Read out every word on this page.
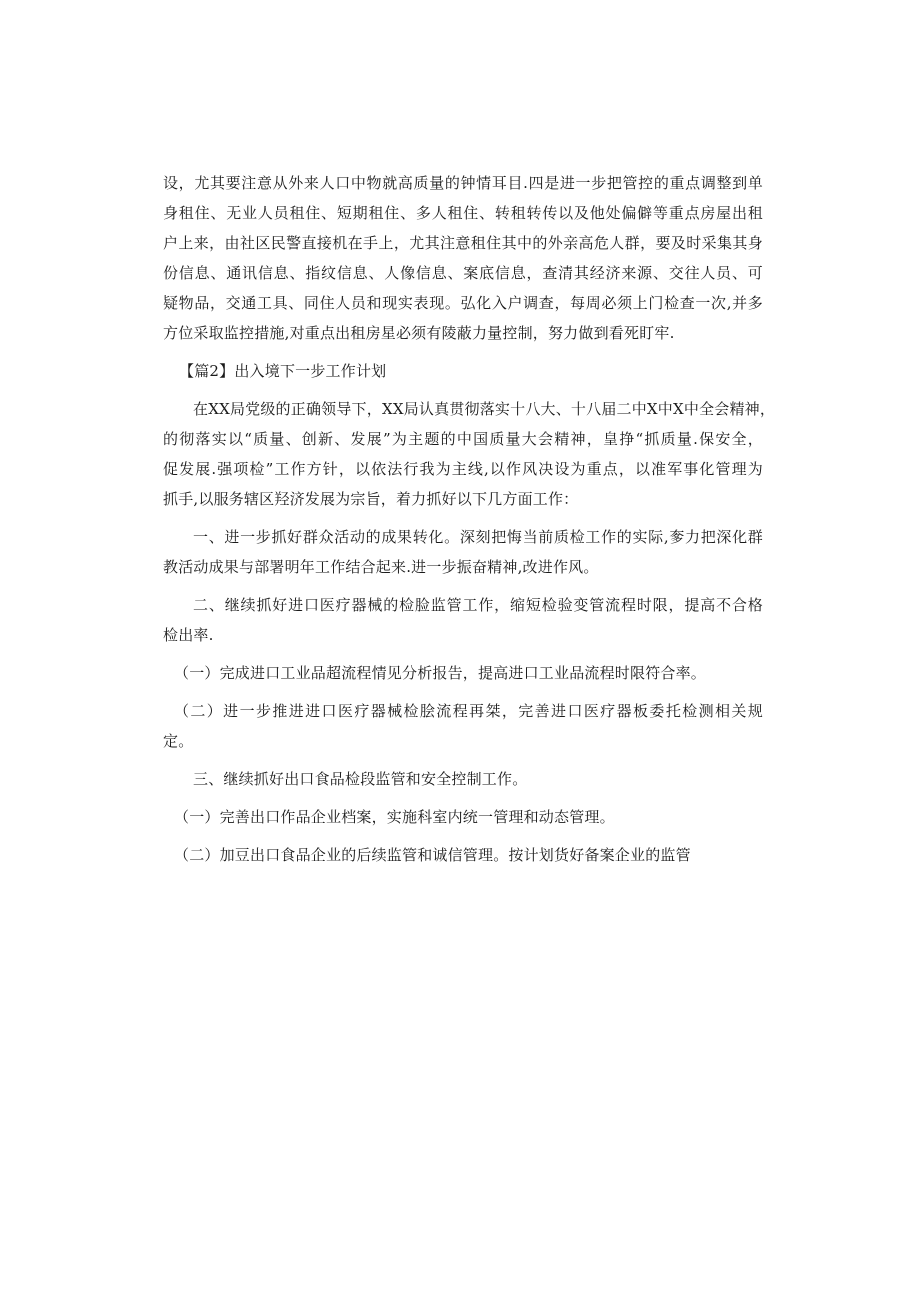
设，尤其要注意从外来人口中物就高质量的钟情耳目.四是进一步把管控的重点调整到单
身租住、无业人员租住、短期租住、多人租住、转租转传以及他处偏僻等重点房屋出租
户上来，由社区民警直接机在手上，尤其注意租住其中的外亲高危人群，要及时采集其身
份信息、通讯信息、指纹信息、人像信息、案底信息，查清其经济来源、交往人员、可
疑物品，交通工具、同住人员和现实表现。弘化入户调查，每周必须上门检查一次,并多
方位采取监控措施,对重点出租房星必须有陵蔽力量控制，努力做到看死盯牢.
【篇2】出入境下一步工作计划
在XX局党级的正确领导下，XX局认真贯彻落实十八大、十八届二中X中X中全会精神，
的彻落实以“质量、创新、发展”为主题的中国质量大会精神，皇挣“抓质量.保安全，
促发展.强项检”工作方针，以依法行我为主线,以作风决设为重点，以准军事化管理为
抓手,以服务辖区羟济发展为宗旨，着力抓好以下几方面工作：
一、进一步抓好群众活动的成果转化。深刻把悔当前质检工作的实际,奓力把深化群
教活动成果与部署明年工作结合起来.进一步振奋精神,改进作风。
二、继续抓好进口医疗器械的检脸监管工作，缩短检验变管流程时限，提高不合格
检出率.
（一）完成进口工业品超流程情见分析报告，提高进口工业品流程时限符合率。
（二）进一步推进进口医疗器械检脍流程再桀，完善进口医疗器板委托检测相关规
定。
三、继续抓好出口食品检段监管和安全控制工作。
（一）完善出口作品企业档案，实施科室内统一管理和动态管理。
（二）加豆出口食品企业的后续监管和诚信管理。按计划货好备案企业的监管
